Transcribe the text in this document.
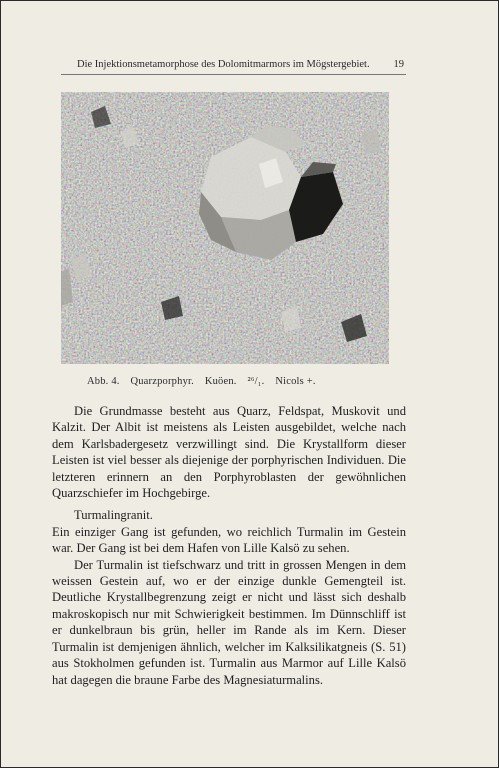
Die Injektionsmetamorphose des Dolomitmarmors im Mögstergebiet. 19
Abb. 4. Quarzporphyr. Kuöen. ²⁶/₁. Nicols +.

Die Grundmasse besteht aus Quarz, Feldspat, Muskovit und Kalzit. Der Albit ist meistens als Leisten ausgebildet, welche nach dem Karlsbadergesetz verzwillingt sind. Die Krystallform dieser Leisten ist viel besser als diejenige der porphyrischen Individuen. Die letzteren erinnern an den Porphyroblasten der gewöhnlichen Quarzschiefer im Hochgebirge.

Turmalingranit.

Ein einziger Gang ist gefunden, wo reichlich Turmalin im Gestein war. Der Gang ist bei dem Hafen von Lille Kalsö zu sehen.

Der Turmalin ist tiefschwarz und tritt in grossen Mengen in dem weissen Gestein auf, wo er der einzige dunkle Gemengteil ist. Deutliche Krystallbegrenzung zeigt er nicht und lässt sich deshalb makroskopisch nur mit Schwierigkeit bestimmen. Im Dünnschliff ist er dunkelbraun bis grün, heller im Rande als im Kern. Dieser Turmalin ist demjenigen ähnlich, welcher im Kalksilikatgneis (S. 51) aus Stokholmen gefunden ist. Turmalin aus Marmor auf Lille Kalsö hat dagegen die braune Farbe des Magnesiaturmalins.
